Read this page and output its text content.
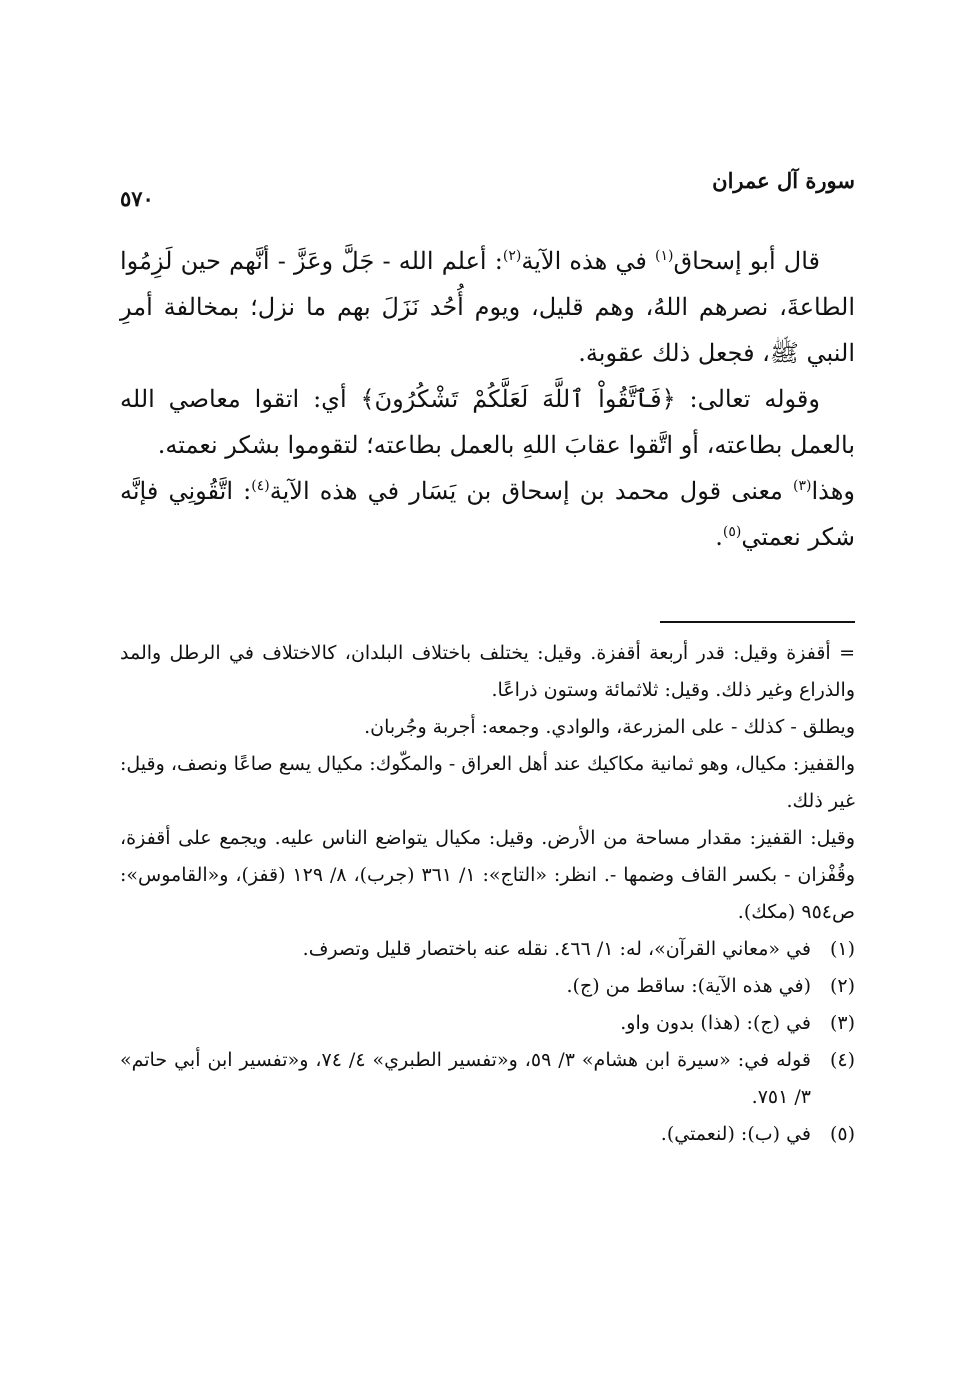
سورة آل عمران
٥٧٠

قال أبو إسحاق$^{(١)}$ في هذه الآية$^{(٢)}$: أعلم الله - جَلَّ وعَزَّ - أنَّهم حين لَزِمُوا الطاعةَ، نصرهم اللهُ، وهم قليل، ويوم أُحُد نَزَلَ بهم ما نزل؛ بمخالفة أمرِ النبي ﷺ، فجعل ذلك عقوبة.

وقوله تعالى: ﴿فَٱتَّقُواْ ٱللَّهَ لَعَلَّكُمْ تَشْكُرُونَ﴾ أي: اتقوا معاصي الله بالعمل بطاعته، أو اتَّقوا عقابَ اللهِ بالعمل بطاعته؛ لتقوموا بشكر نعمته.

وهذا$^{(٣)}$ معنى قول محمد بن إسحاق بن يَسَار في هذه الآية$^{(٤)}$: اتَّقُونِي فإنَّه شكر نعمتي$^{(٥)}$.

= أقفزة وقيل: قدر أربعة أقفزة. وقيل: يختلف باختلاف البلدان، كالاختلاف في الرطل والمد والذراع وغير ذلك. وقيل: ثلاثمائة وستون ذراعًا.

ويطلق - كذلك - على المزرعة، والوادي. وجمعه: أجربة وجُربان.

والقفيز: مكيال، وهو ثمانية مكاكيك عند أهل العراق - والمكّوك: مكيال يسع صاعًا ونصف، وقيل: غير ذلك.

وقيل: القفيز: مقدار مساحة من الأرض. وقيل: مكيال يتواضع الناس عليه. ويجمع على أقفزة، وقُفْزان - بكسر القاف وضمها -. انظر: «التاج»: ١/ ٣٦١ (جرب)، ٨/ ١٢٩ (قفز)، و«القاموس»: ص٩٥٤ (مكك).

(١)
في «معاني القرآن»، له: ١/ ٤٦٦. نقله عنه باختصار قليل وتصرف.
(٢)
(في هذه الآية): ساقط من (ج).
(٣)
في (ج): (هذا) بدون واو.
(٤)
قوله في: «سيرة ابن هشام» ٣/ ٥٩، و«تفسير الطبري» ٤/ ٧٤، و«تفسير ابن أبي حاتم» ٣/ ٧٥١.
(٥)
في (ب): (لنعمتي).
